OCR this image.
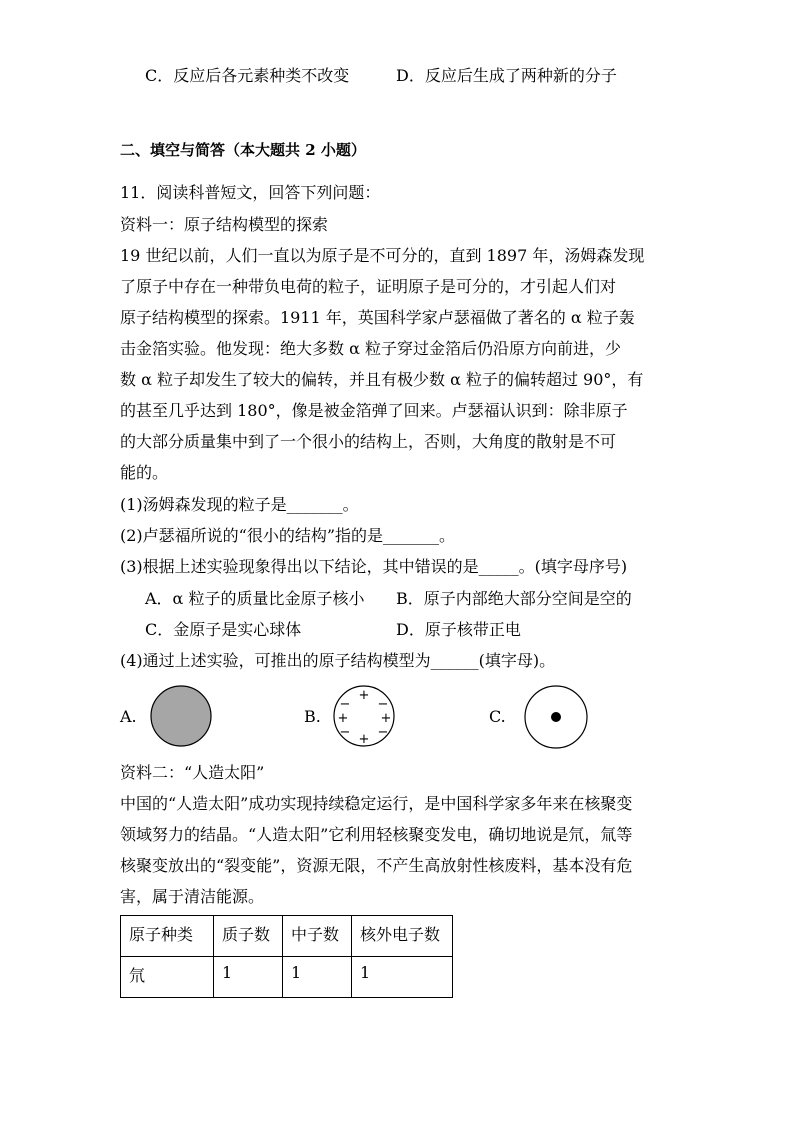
C．反应后各元素种类不改变	D．反应后生成了两种新的分子
二、填空与简答（本大题共 2 小题）
11．阅读科普短文，回答下列问题：
资料一：原子结构模型的探索
19 世纪以前，人们一直以为原子是不可分的，直到 1897 年，汤姆森发现
了原子中存在一种带负电荷的粒子，证明原子是可分的，才引起人们对
原子结构模型的探索。1911 年，英国科学家卢瑟福做了著名的 α 粒子轰
击金箔实验。他发现：绝大多数 α 粒子穿过金箔后仍沿原方向前进，少
数 α 粒子却发生了较大的偏转，并且有极少数 α 粒子的偏转超过 90°，有
的甚至几乎达到 180°，像是被金箔弹了回来。卢瑟福认识到：除非原子
的大部分质量集中到了一个很小的结构上，否则，大角度的散射是不可
能的。
(1)汤姆森发现的粒子是_______。
(2)卢瑟福所说的“很小的结构”指的是_______。
(3)根据上述实验现象得出以下结论，其中错误的是_____。(填字母序号)
A．α 粒子的质量比金原子核小 B．原子内部绝大部分空间是空的
C．金原子是实心球体	D．原子核带正电
(4)通过上述实验，可推出的原子结构模型为______(填字母)。
A.	B.
+
+ +
+
− −
− −
C.
资料二：“人造太阳”
中国的“人造太阳”成功实现持续稳定运行，是中国科学家多年来在核聚变
领域努力的结晶。“人造太阳”它利用轻核聚变发电，确切地说是氘，氚等
核聚变放出的“裂变能”，资源无限，不产生高放射性核废料，基本没有危
害，属于清洁能源。
原子种类	质子数	中子数	核外电子数
氘	1	1	1
